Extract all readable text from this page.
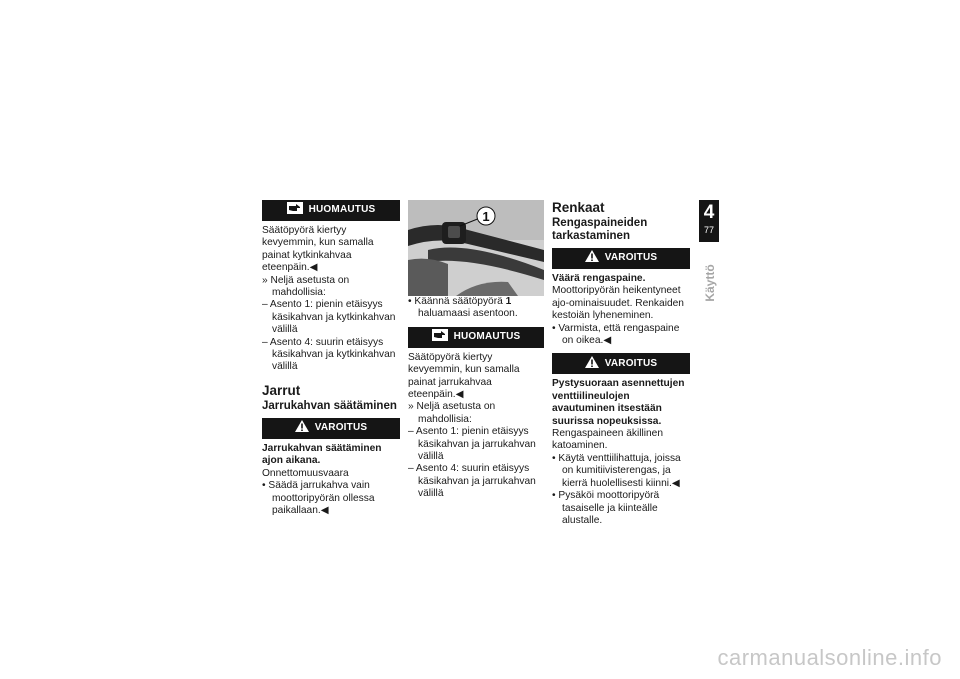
HUOMAUTUS

Säätöpyörä kiertyy kevyemmin, kun samalla painat kytkinkahvaa eteenpäin.◀

» Neljä asetusta on mahdollisia:

– Asento 1: pienin etäisyys käsikahvan ja kytkinkahvan välillä

– Asento 4: suurin etäisyys käsikahvan ja kytkinkahvan välillä

Jarrut
Jarrukahvan säätäminen
VAROITUS

Jarrukahvan säätäminen ajon aikana.

Onnettomuusvaara

• Säädä jarrukahva vain moottoripyörän ollessa paikallaan.◀

1

• Käännä säätöpyörä 1 haluamaasi asentoon.

HUOMAUTUS

Säätöpyörä kiertyy kevyemmin, kun samalla painat jarrukahvaa eteenpäin.◀

» Neljä asetusta on mahdollisia:

– Asento 1: pienin etäisyys käsikahvan ja jarrukahvan välillä

– Asento 4: suurin etäisyys käsikahvan ja jarrukahvan välillä

Renkaat
Rengaspaineiden tarkastaminen
VAROITUS

Väärä rengaspaine.

Moottoripyörän heikentyneet ajo-ominaisuudet. Renkaiden kestoiän lyheneminen.

• Varmista, että rengaspaine on oikea.◀

VAROITUS

Pystysuoraan asennettujen venttiilineulojen avautuminen itsestään suurissa nopeuksissa.

Rengaspaineen äkillinen katoaminen.

• Käytä venttiilihattuja, joissa on kumitiivisterengas, ja kierrä huolellisesti kiinni.◀

• Pysäköi moottoripyörä tasaiselle ja kiinteälle alustalle.

4
77
Käyttö
carmanualsonline.info
